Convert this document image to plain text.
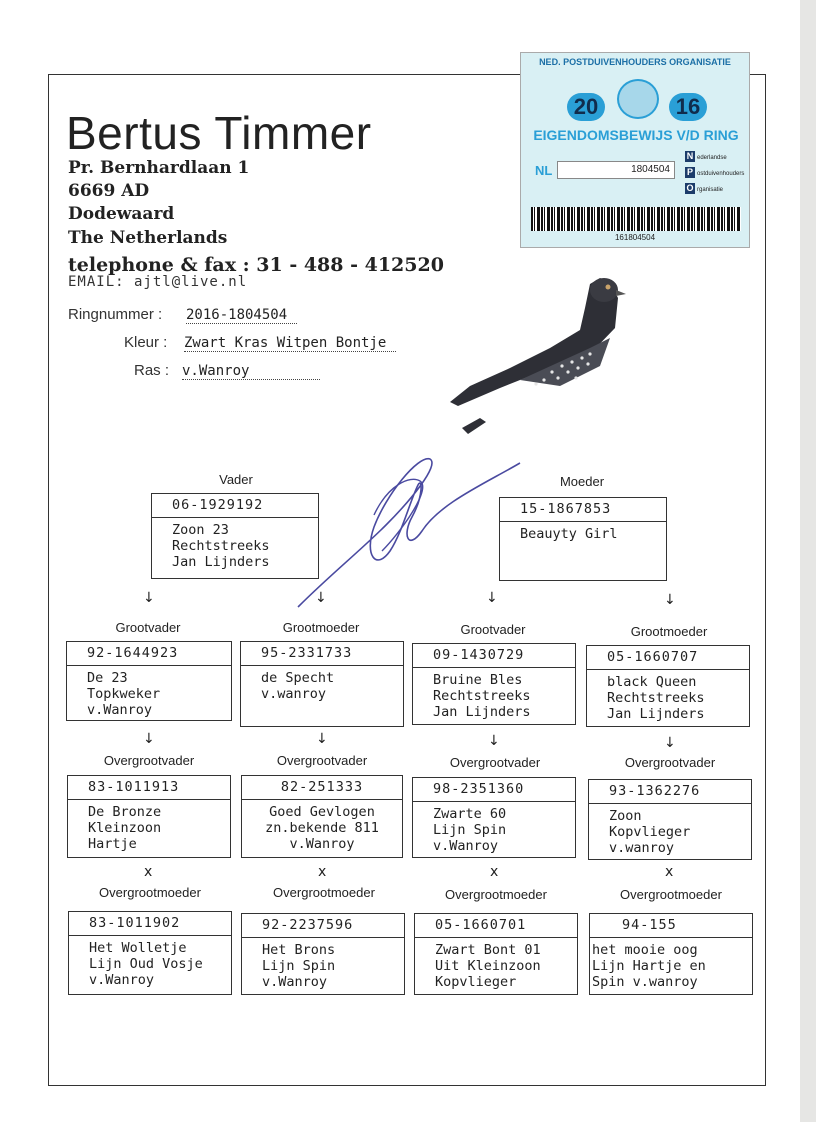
Bertus Timmer
Pr. Bernhardlaan 1
6669 AD
Dodewaard
The Netherlands
telephone & fax : 31 - 488 - 412520
EMAIL: ajtl@live.nl
Ringnummer : 2016-1804504
Kleur : Zwart Kras Witpen Bontje
Ras : v.Wanroy
NED. POSTDUIVENHOUDERS ORGANISATIE
20	16
EIGENDOMSBEWIJS V/D RING
NL	1804504
N ederlandse
P ostduivenhouders
O rganisatie
161804504
Vader
06-1929192
Zoon 23
Rechtstreeks
Jan Lijnders
↓	↓
Moeder
15-1867853
Beauyty Girl
↓	↓
Grootvader	Grootmoeder	Grootvader	Grootmoeder
92-1644923
De 23
Topkweker
v.Wanroy
95-2331733
de Specht
v.wanroy
09-1430729
Bruine Bles
Rechtstreeks
Jan Lijnders
05-1660707
black Queen
Rechtstreeks
Jan Lijnders
↓	↓	↓	↓
Overgrootvader	Overgrootvader	Overgrootvader	Overgrootvader
83-1011913
De Bronze
Kleinzoon
Hartje
82-251333
Goed Gevlogen
zn.bekende 811
v.Wanroy
98-2351360
Zwarte 60
Lijn Spin
v.Wanroy
93-1362276
Zoon
Kopvlieger
v.wanroy
x	x	x	x
Overgrootmoeder	Overgrootmoeder	Overgrootmoeder	Overgrootmoeder
83-1011902
Het Wolletje
Lijn Oud Vosje
v.Wanroy
92-2237596
Het Brons
Lijn Spin
v.Wanroy
05-1660701
Zwart Bont 01
Uit Kleinzoon
Kopvlieger
94-155
het mooie oog
Lijn Hartje en
Spin v.wanroy
